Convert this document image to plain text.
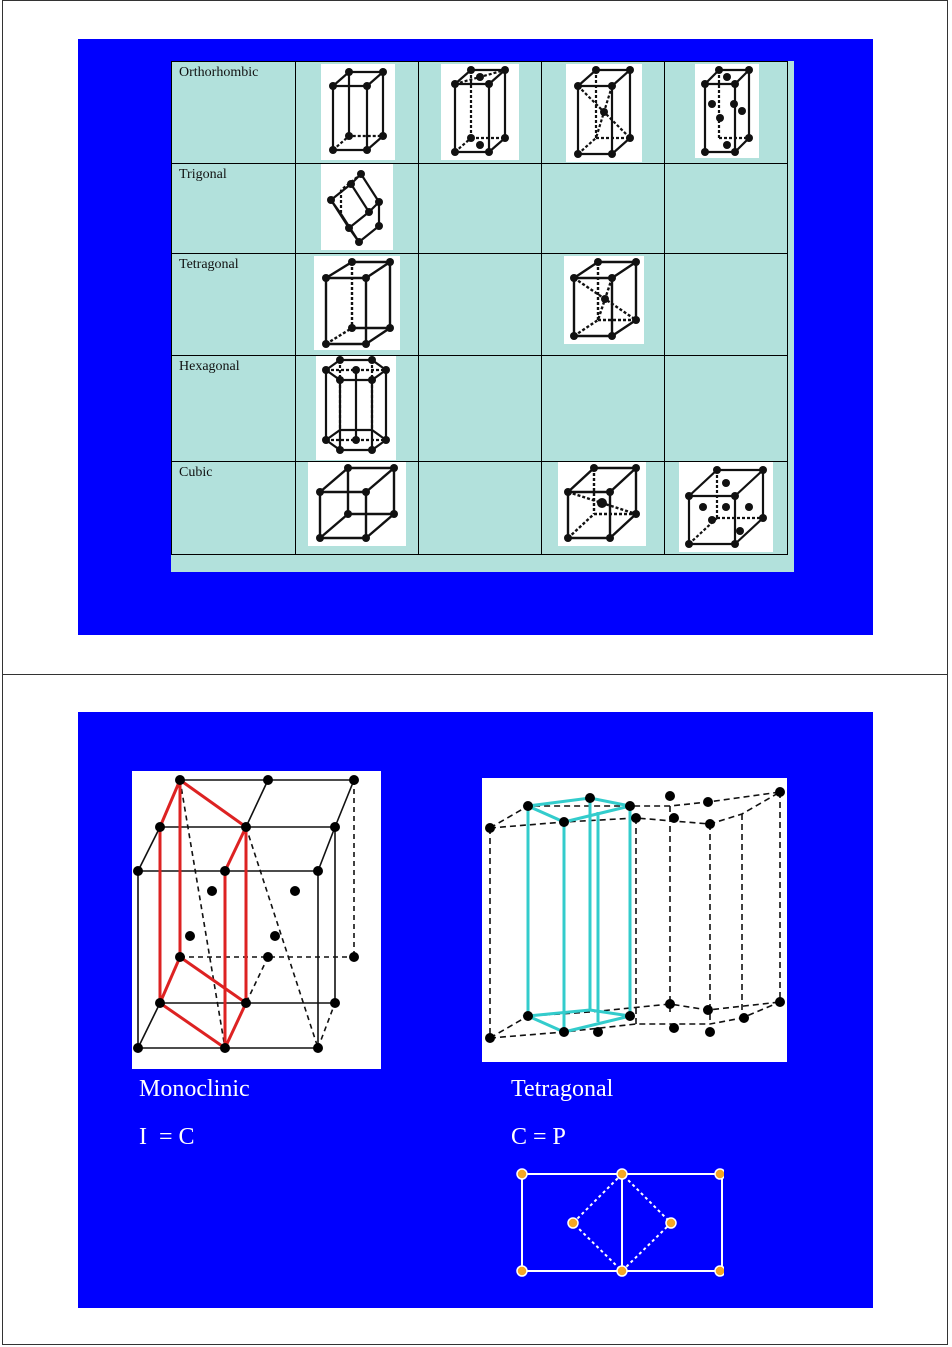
Orthorhombic

Trigonal

Tetragonal

Hexagonal

Cubic

Monoclinic
I  = C
Tetragonal
C = P
